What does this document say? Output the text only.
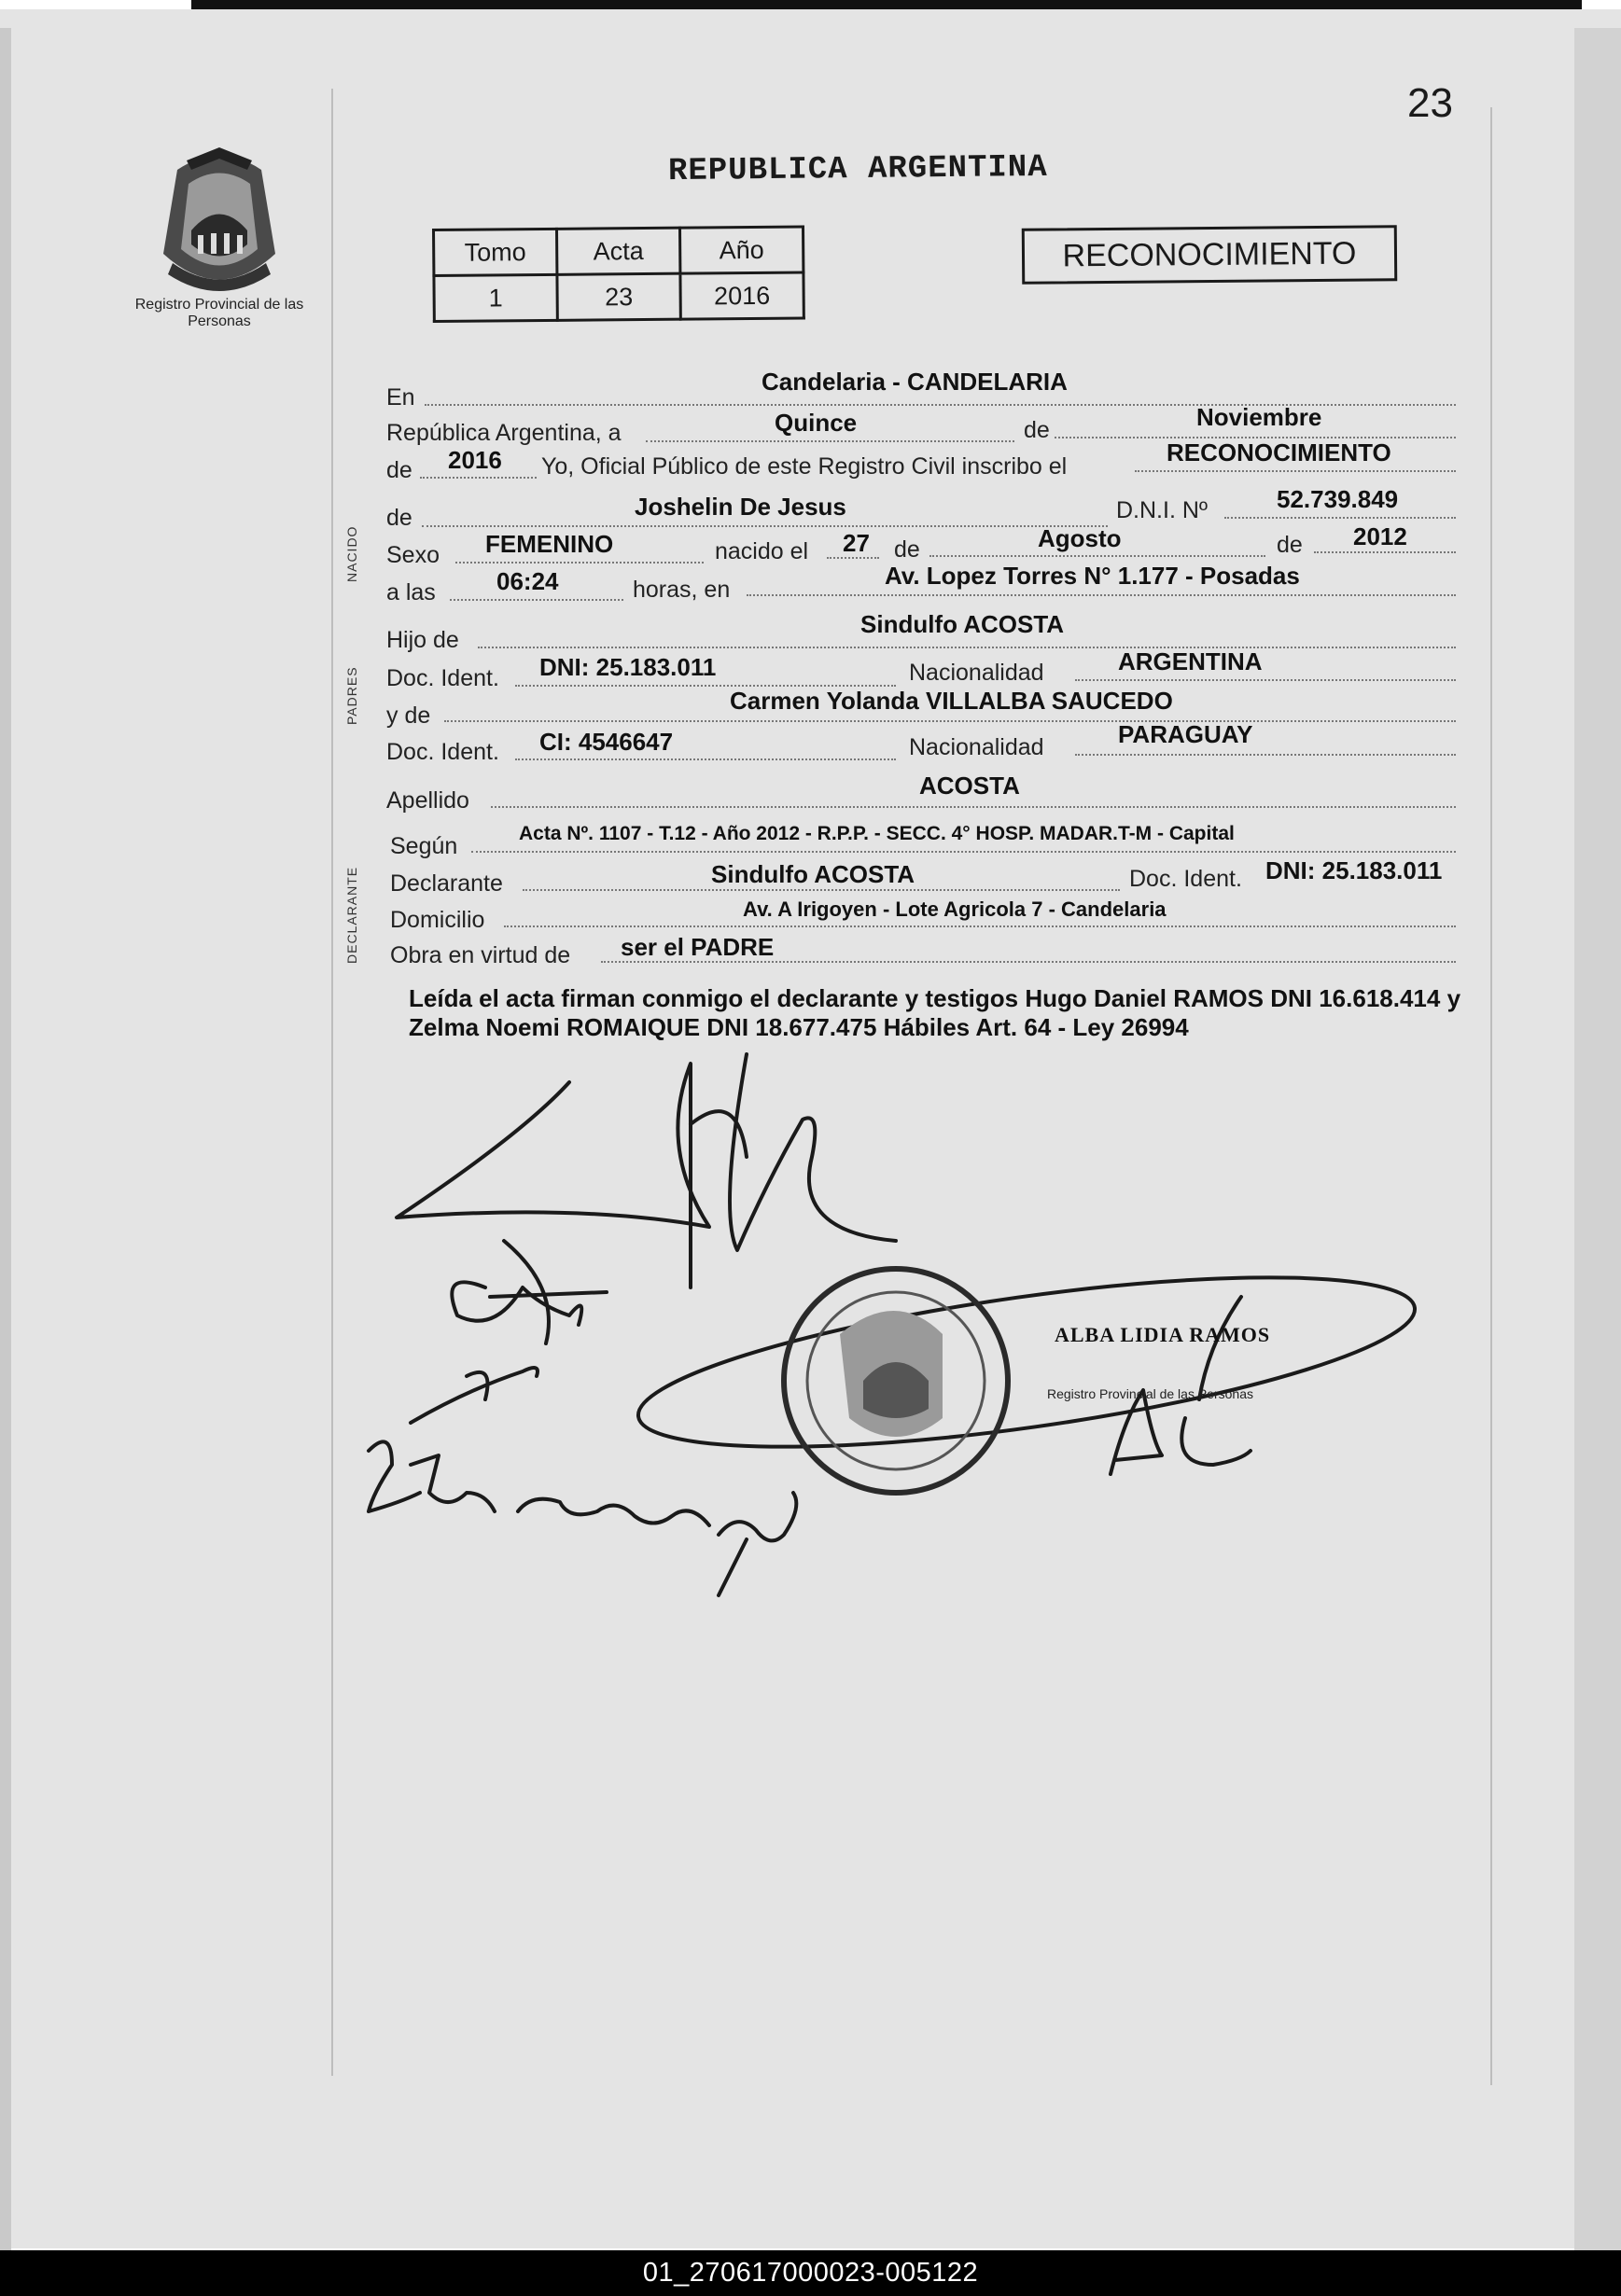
23
Registro Provincial de las Personas
REPUBLICA ARGENTINA
Tomo	Acta	Año
1	23	2016
RECONOCIMIENTO
NACIDO
PADRES
DECLARANTE
En
Candelaria - CANDELARIA
República Argentina, a	Quince	de	Noviembre
de 2016 Yo, Oficial Público de este Registro Civil inscribo el	RECONOCIMIENTO
de	Joshelin De Jesus	D.N.I. Nº	52.739.849
Sexo FEMENINO	nacido el 27 de	Agosto	de 2012
a las	06:24	horas, en	Av. Lopez Torres N° 1.177 - Posadas
Hijo de
Sindulfo ACOSTA
Doc. Ident. DNI: 25.183.011	Nacionalidad	ARGENTINA
y de
Carmen Yolanda VILLALBA SAUCEDO
Doc. Ident. CI: 4546647	Nacionalidad	PARAGUAY
Apellido
ACOSTA
Según	Acta Nº. 1107 - T.12 - Año 2012 - R.P.P. - SECC. 4° HOSP. MADAR.T-M - Capital
Declarante	Sindulfo ACOSTA	Doc. Ident. DNI: 25.183.011
Domicilio	Av. A Irigoyen - Lote Agricola 7 - Candelaria
Obra en virtud de ser el PADRE
Leída el acta firman conmigo el declarante y testigos Hugo Daniel RAMOS DNI 16.618.414 y Zelma Noemi ROMAIQUE DNI 18.677.475 Hábiles Art. 64 - Ley 26994
ALBA LIDIA RAMOS
Registro Provincial de las Personas
01_270617000023-005122
